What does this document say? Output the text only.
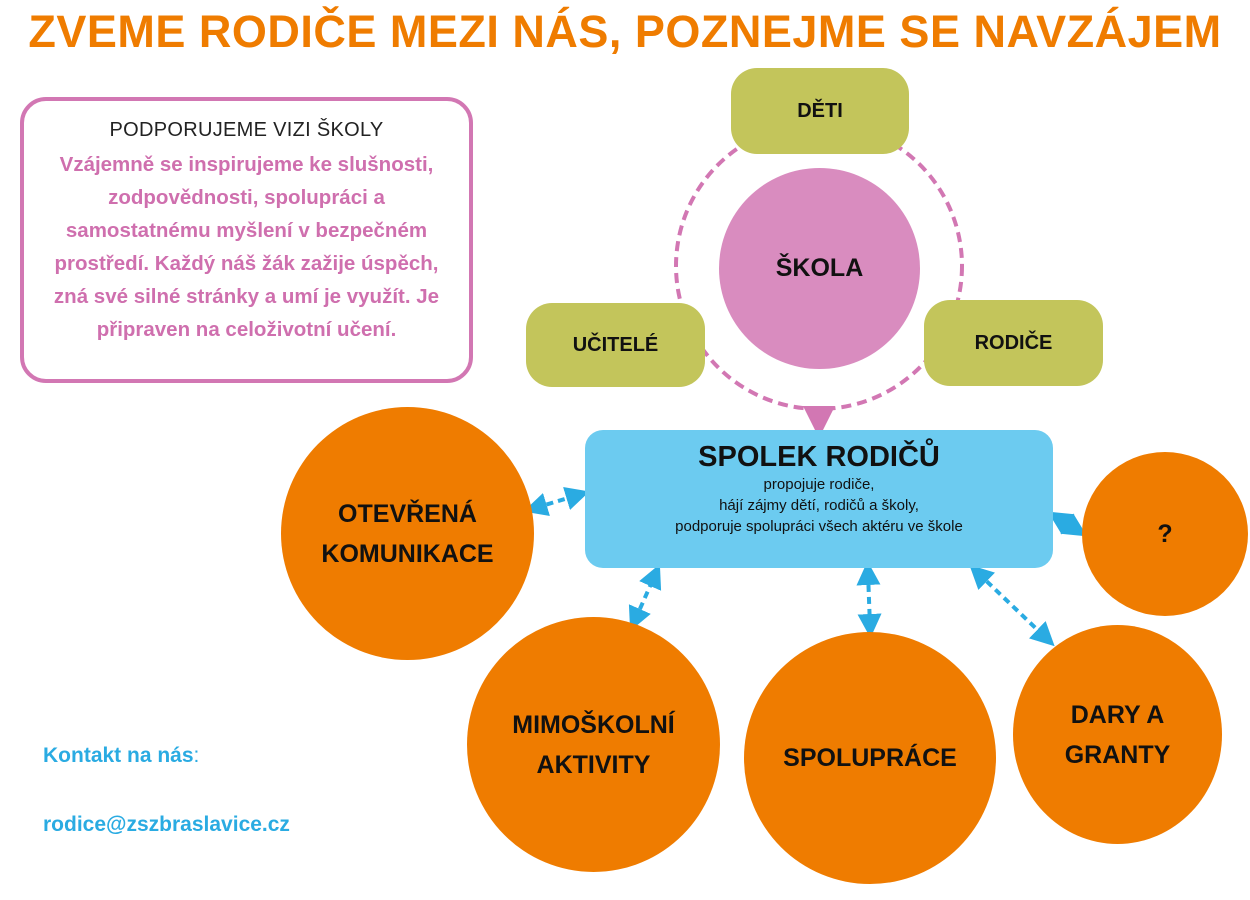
ZVEME RODIČE MEZI NÁS, POZNEJME SE NAVZÁJEM
PODPORUJEME VIZI ŠKOLY
Vzájemně se inspirujeme ke slušnosti, zodpovědnosti, spolupráci a samostatnému myšlení v bezpečném prostředí. Každý náš žák zažije úspěch, zná své silné stránky a umí je využít. Je připraven na celoživotní učení.
DĚTI
ŠKOLA
UČITELÉ	RODIČE
SPOLEK RODIČŮ
propojuje rodiče,
hájí zájmy dětí, rodičů a školy,
podporuje spolupráci všech aktéru ve škole
OTEVŘENÁ
KOMUNIKACE
MIMOŠKOLNÍ
AKTIVITY	SPOLUPRÁCE
DARY A
GRANTY
?
Kontakt na nás:
rodice@zszbraslavice.cz
